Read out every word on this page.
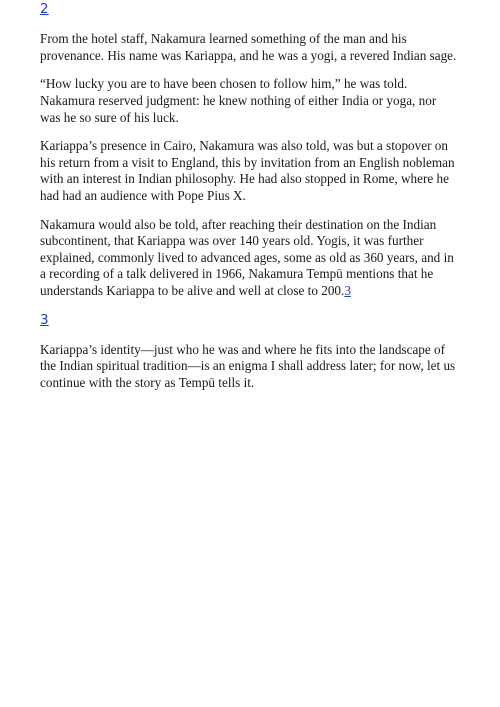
2

From the hotel staff, Nakamura learned something of the man and his provenance. His name was Kariappa, and he was a yogi, a revered Indian sage.

“How lucky you are to have been chosen to follow him,” he was told. Nakamura reserved judgment: he knew nothing of either India or yoga, nor was he so sure of his luck.

Kariappa’s presence in Cairo, Nakamura was also told, was but a stopover on his return from a visit to England, this by invitation from an English nobleman with an interest in Indian philosophy. He had also stopped in Rome, where he had had an audience with Pope Pius X.

Nakamura would also be told, after reaching their destination on the Indian subcontinent, that Kariappa was over 140 years old. Yogis, it was further explained, commonly lived to advanced ages, some as old as 360 years, and in a recording of a talk delivered in 1966, Nakamura Tempū mentions that he understands Kariappa to be alive and well at close to 200.3

3

Kariappa’s identity—just who he was and where he fits into the landscape of the Indian spiritual tradition—is an enigma I shall address later; for now, let us continue with the story as Tempū tells it.
